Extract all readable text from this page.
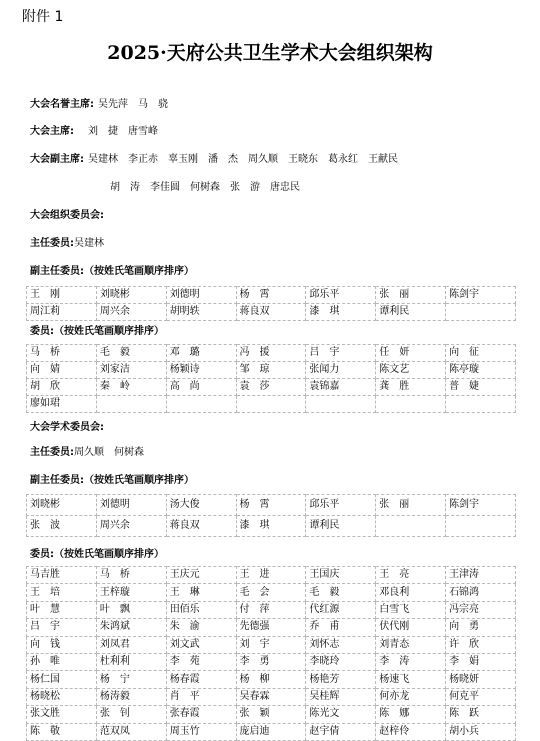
附件 1
2025·天府公共卫生学术大会组织架构
大会名誉主席: 吴先萍　马　骁
大会主席:　刘　捷　唐雪峰
大会副主席: 吴建林　李正赤　辜玉刚　潘　杰　周久顺　王晓东　葛永红　王献民
胡　涛　李佳圆　何树森　张　游　唐忠民
大会组织委员会:
主任委员:吴建林
副主任委员:（按姓氏笔画顺序排序）
王　刚	刘晓彬	刘德明	杨　霄	邱乐平	张　丽	陈剑宇
周江莉	周兴余	胡明轶	蒋良双	漆　琪	谭利民	
委员:（按姓氏笔画顺序排序）
马　桥	毛　毅	邓　璐	冯　援	吕　宇	任　妍	向　征
向　婧	刘家洁	杨颖诗	邹　琼	张闻力	陈文艺	陈亭璇
胡　欣	秦　岭	高　尚	袁　莎	袁锦嘉	龚　胜	普　婕
廖如珺						
大会学术委员会:
主任委员:周久顺　何树森
副主任委员:（按姓氏笔画顺序排序）
刘晓彬	刘德明	汤大俊	杨　霄	邱乐平	张　丽	陈剑宇
张　波	周兴余	蒋良双	漆　琪	谭利民		
委员:（按姓氏笔画顺序排序）
马吉胜	马　桥	王庆元	王　进	王国庆	王　亮	王津涛
王　培	王梓璇	王　琳	毛　会	毛　毅	邓良利	石锦鸿
叶　慧	叶　飘	田佰乐	付　萍	代红源	白雪飞	冯宗亮
吕　宇	朱鸿斌	朱　渝	先德强	乔　甫	伏代刚	向　勇
向　钱	刘凤君	刘文武	刘　宇	刘怀志	刘青态	许　欣
孙　唯	杜利利	李　苑	李　勇	李晓玲	李　涛	李　娟
杨仁国	杨　宁	杨春霞	杨　柳	杨艳芳	杨速飞	杨晓妍
杨晓松	杨涛毅	肖　平	吴春霖	吴桂辉	何亦龙	何克平
张文胜	张　钊	张春霞	张　颖	陈光文	陈　娜	陈　跃
陈　敬	范双凤	周玉竹	庞启迪	赵宇倩	赵梓伶	胡小兵
